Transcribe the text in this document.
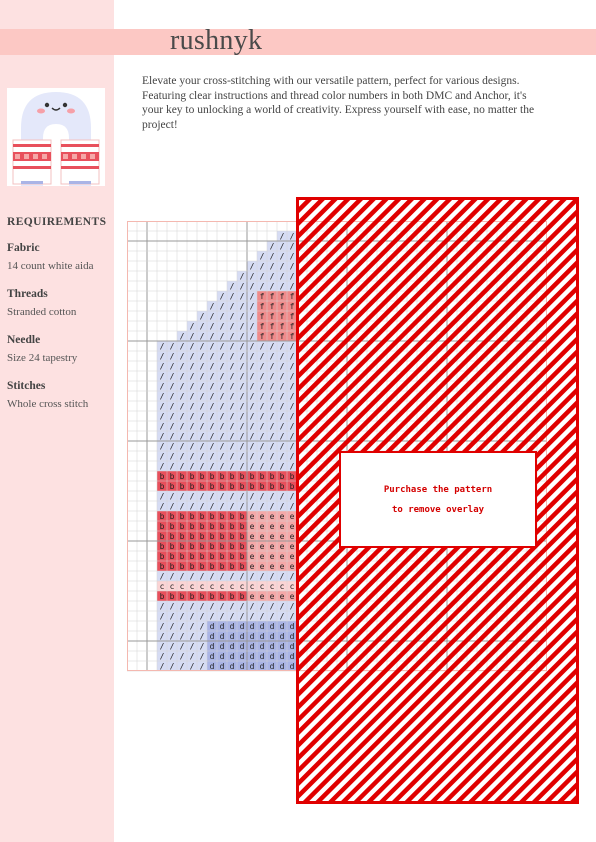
rushnyk
Elevate your cross-stitching with our versatile pattern, perfect for various designs. Featuring clear instructions and thread color numbers in both DMC and Anchor, it's your key to unlocking a world of creativity. Express yourself with ease, no matter the project!
REQUIREMENTS
Fabric
14 count white aida
Threads
Stranded cotton
Needle
Size 24 tapestry
Stitches
Whole cross stitch
/ /
/ / /
/ / / /
/ / / / /
/ / / / / /
/ / / / / / /
/ / / / f f f f
/ / / / / f f f f
/ / / / / / f f f f
/ / / / / / / f f f f
/ / / / / / / / f f f f
/ / / / / / / / / / / / / /
/ / / / / / / / / / / / / /
/ / / / / / / / / / / / / /
/ / / / / / / / / / / / / /
/ / / / / / / / / / / / / /
/ / / / / / / / / / / / / /
/ / / / / / / / / / / / / /
/ / / / / / / / / / / / / /
/ / / / / / / / / / / / / /
/ / / / / / / / / / / / / /
/ / / / / / / / / / / / / /
/ / / / / / / / / / / / / /
/ / / / / / / / / / / / / /
b b b b b b b b b b b b b b
b b b b b b b b b b b b b b
/ / / / / / / / / / / / / /
/ / / / / / / / / / / / / /
b b b b b b b b b e e e e e
b b b b b b b b b e e e e e
b b b b b b b b b e e e e e
b b b b b b b b b e e e e e
b b b b b b b b b e e e e e
b b b b b b b b b e e e e e
/ / / / / / / / / / / / / /
c c c c c c c c c c c c c c
b b b b b b b b b e e e e e
/ / / / / / / / / / / / / /
/ / / / / / / / / / / / / /
/ / / / / d d d d d d d d d
/ / / / / d d d d d d d d d
/ / / / / d d d d d d d d d
/ / / / / d d d d d d d d d
/ / / / / d d d d d d d d d
Purchase the pattern
to remove overlay
